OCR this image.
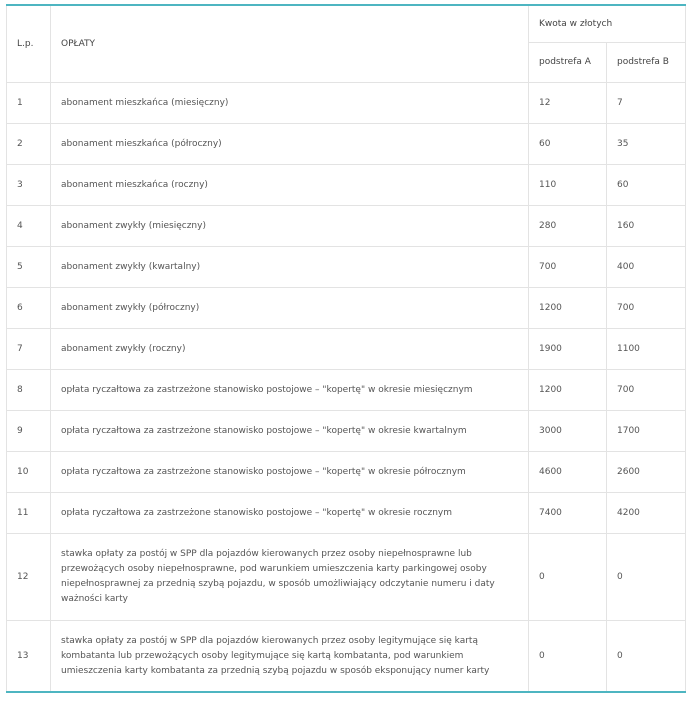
L.p.	OPŁATY	Kwota w złotych	
		podstrefa A	podstrefa B
1	abonament mieszkańca (miesięczny)	12	7
2	abonament mieszkańca (półroczny)	60	35
3	abonament mieszkańca (roczny)	110	60
4	abonament zwykły (miesięczny)	280	160
5	abonament zwykły (kwartalny)	700	400
6	abonament zwykły (półroczny)	1200	700
7	abonament zwykły (roczny)	1900	1100
8	opłata ryczałtowa za zastrzeżone stanowisko postojowe – "kopertę" w okresie miesięcznym	1200	700
9	opłata ryczałtowa za zastrzeżone stanowisko postojowe – "kopertę" w okresie kwartalnym	3000	1700
10	opłata ryczałtowa za zastrzeżone stanowisko postojowe – "kopertę" w okresie półrocznym	4600	2600
11	opłata ryczałtowa za zastrzeżone stanowisko postojowe – "kopertę" w okresie rocznym	7400	4200
12	stawka opłaty za postój w SPP dla pojazdów kierowanych przez osoby niepełnosprawne lub przewożących osoby niepełnosprawne, pod warunkiem umieszczenia karty parkingowej osoby niepełnosprawnej za przednią szybą pojazdu, w sposób umożliwiający odczytanie numeru i daty ważności karty	0	0
13	stawka opłaty za postój w SPP dla pojazdów kierowanych przez osoby legitymujące się kartą kombatanta lub przewożących osoby legitymujące się kartą kombatanta, pod warunkiem umieszczenia karty kombatanta za przednią szybą pojazdu w sposób eksponujący numer karty	0	0
